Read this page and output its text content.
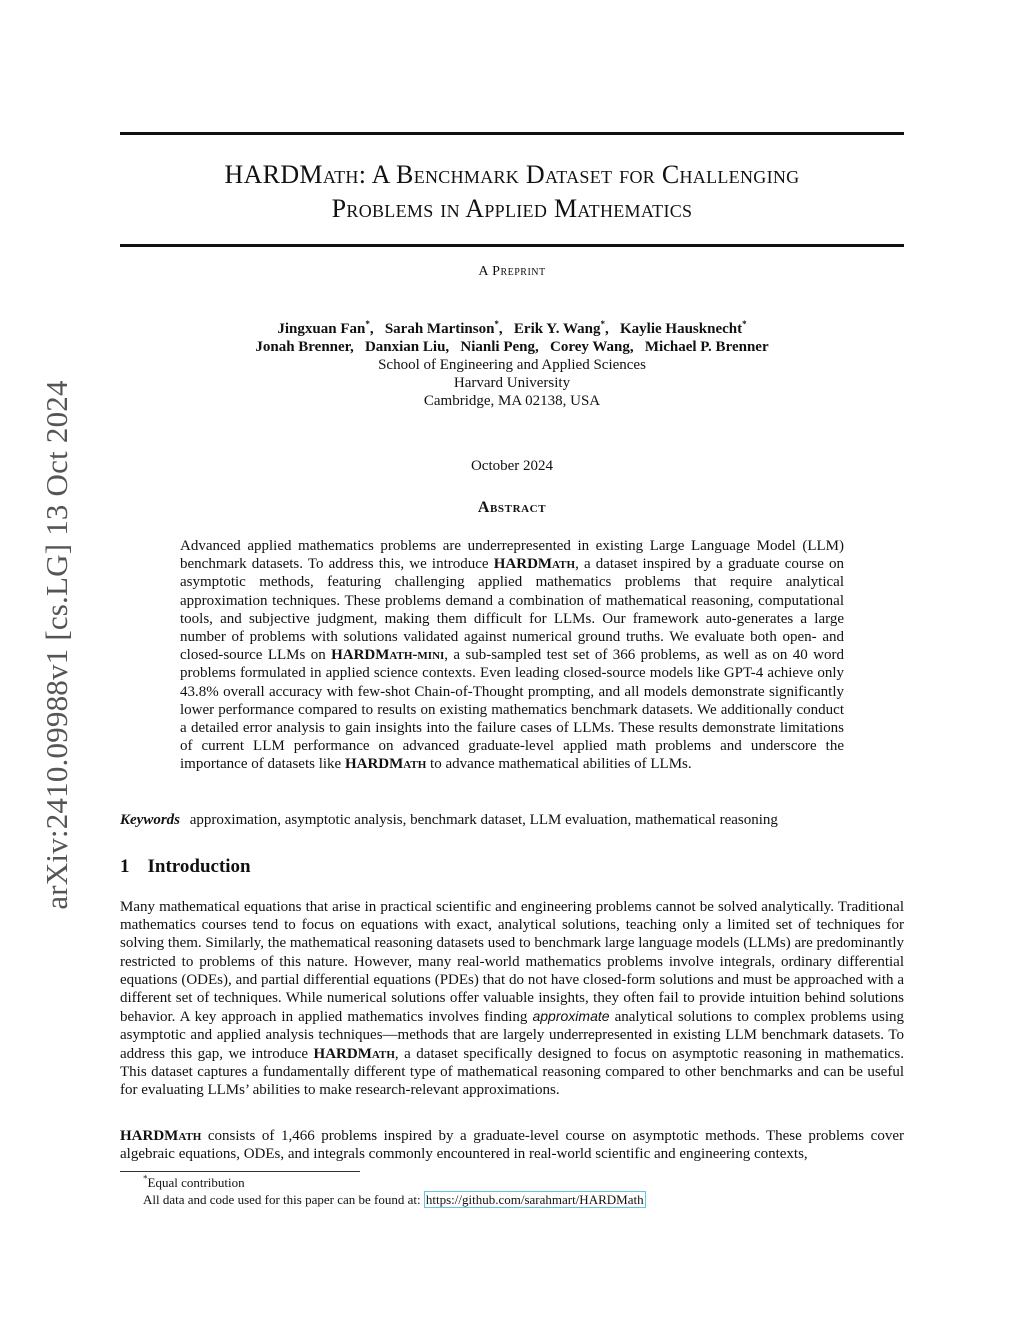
arXiv:2410.09988v1 [cs.LG] 13 Oct 2024
HARDMath: A Benchmark Dataset for Challenging
Problems in Applied Mathematics
A Preprint
Jingxuan Fan*,   Sarah Martinson*,   Erik Y. Wang*,   Kaylie Hausknecht*
Jonah Brenner,   Danxian Liu,   Nianli Peng,   Corey Wang,   Michael P. Brenner
School of Engineering and Applied Sciences
Harvard University
Cambridge, MA 02138, USA
October 2024
Abstract

Advanced applied mathematics problems are underrepresented in existing Large Language Model (LLM) benchmark datasets. To address this, we introduce HARDMath, a dataset inspired by a graduate course on asymptotic methods, featuring challenging applied mathematics problems that require analytical approximation techniques. These problems demand a combination of mathematical reasoning, computational tools, and subjective judgment, making them difficult for LLMs. Our framework auto-generates a large number of problems with solutions validated against numerical ground truths. We evaluate both open- and closed-source LLMs on HARDMath-mini, a sub-sampled test set of 366 problems, as well as on 40 word problems formulated in applied science contexts. Even leading closed-source models like GPT-4 achieve only 43.8% overall accuracy with few-shot Chain-of-Thought prompting, and all models demonstrate significantly lower performance compared to results on existing mathematics benchmark datasets. We additionally conduct a detailed error analysis to gain insights into the failure cases of LLMs. These results demonstrate limitations of current LLM performance on advanced graduate-level applied math problems and underscore the importance of datasets like HARDMath to advance mathematical abilities of LLMs.

Keywords approximation, asymptotic analysis, benchmark dataset, LLM evaluation, mathematical reasoning
1 Introduction

Many mathematical equations that arise in practical scientific and engineering problems cannot be solved analytically. Traditional mathematics courses tend to focus on equations with exact, analytical solutions, teaching only a limited set of techniques for solving them. Similarly, the mathematical reasoning datasets used to benchmark large language models (LLMs) are predominantly restricted to problems of this nature. However, many real-world mathematics problems involve integrals, ordinary differential equations (ODEs), and partial differential equations (PDEs) that do not have closed-form solutions and must be approached with a different set of techniques. While numerical solutions offer valuable insights, they often fail to provide intuition behind solutions behavior. A key approach in applied mathematics involves finding approximate analytical solutions to complex problems using asymptotic and applied analysis techniques—methods that are largely underrepresented in existing LLM benchmark datasets. To address this gap, we introduce HARDMath, a dataset specifically designed to focus on asymptotic reasoning in mathematics. This dataset captures a fundamentally different type of mathematical reasoning compared to other benchmarks and can be useful for evaluating LLMs’ abilities to make research-relevant approximations.

HARDMath consists of 1,466 problems inspired by a graduate-level course on asymptotic methods. These problems cover algebraic equations, ODEs, and integrals commonly encountered in real-world scientific and engineering contexts,

*Equal contribution
All data and code used for this paper can be found at: https://github.com/sarahmart/HARDMath
